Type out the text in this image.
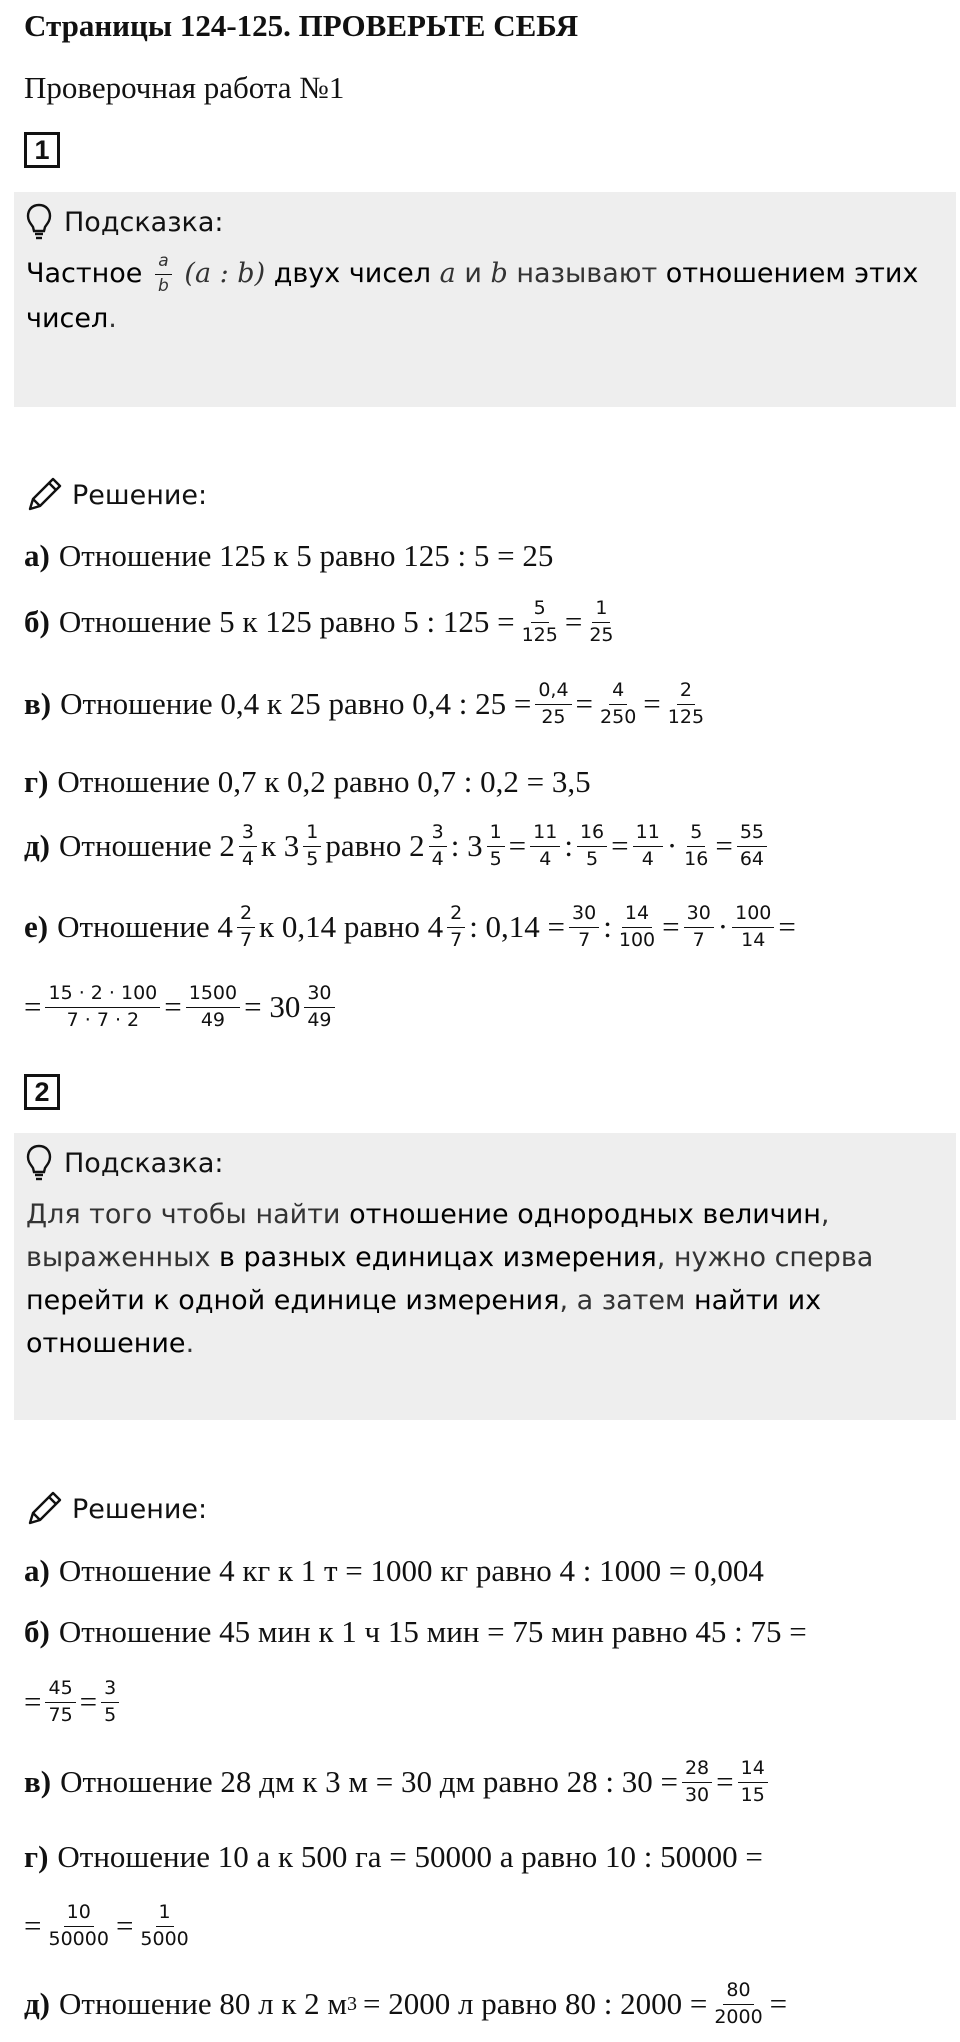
Страницы 124-125. ПРОВЕРЬТЕ СЕБЯ
Проверочная работа №1
1
Подсказка:
Частное $\frac{a}{b} (a$ : b) двух чисел a и b называют отношением этих
чисел.
Решение:
а) Отношение 125 к 5 равно 125 : 5 = 25
б) Отношение 5 к 125 равно 5 : $125 = \frac{5}{125} = \frac{1}{25}$
в) Отношение 0,4 к 25 равно 0,4 : $25 = \frac{0,4}{25} = \frac{4}{250} = \frac{2}{125}$
г) Отношение 0,7 к 0,2 равно 0,7 : 0,2 = 3,5
д) Отношение $2 \frac{3}{4}$ к $3 \frac{1}{5}$ равно $2 \frac{3}{4}$ : $3 \frac{1}{5} = \frac{11}{4}$ : $\frac{16}{5} = \frac{11}{4} \cdot \frac{5}{16} = \frac{55}{64}$
е) Отношение $4 \frac{2}{7}$ к 0,14 равно $4 \frac{2}{7}$ : $0,14 = \frac{30}{7}$ : $\frac{14}{100} = \frac{30}{7} \cdot \frac{100}{14}$ =
= $\frac{15 \cdot 2 \cdot 100}{7 \cdot 7 \cdot 2} = \frac{1500}{49} = 30 \frac{30}{49}$
2
Подсказка:
Для того чтобы найти отношение однородных величин,
выраженных в разных единицах измерения, нужно сперва
перейти к одной единице измерения, а затем найти их
отношение.
Решение:
а) Отношение 4 кг к 1 т = 1000 кг равно 4 : 1000 = 0,004
б) Отношение 45 мин к 1 ч 15 мин = 75 мин равно 45 : 75 =
= $\frac{45}{75} = \frac{3}{5}$
в) Отношение 28 дм к 3 м = 30 дм равно 28 : $30 = \frac{28}{30} = \frac{14}{15}$
г) Отношение 10 а к 500 га = 50000 а равно 10 : 50000 =
= $\frac{10}{50000} = \frac{1}{5000}$
д) Отношение 80 л к 2 м 3 = 2000 л равно 80 : $2000 = \frac{80}{2000}$ =
